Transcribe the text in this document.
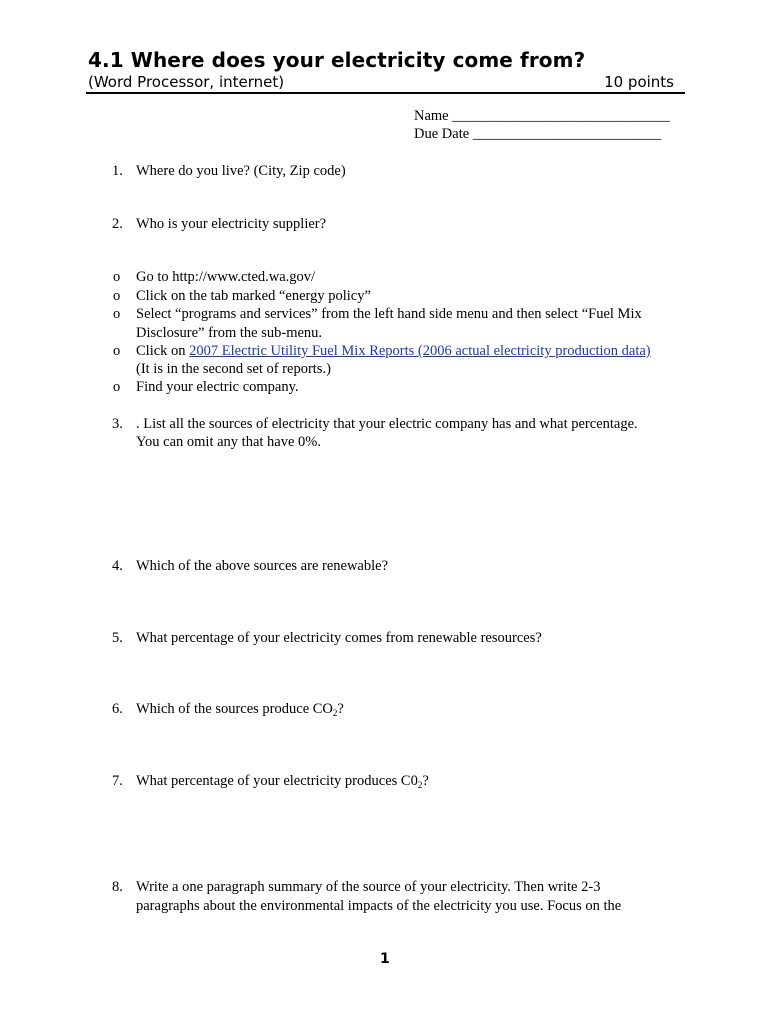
4.1 Where does your electricity come from?
(Word Processor, internet)	10 points
Name ______________________________
Due Date __________________________
1. Where do you live? (City, Zip code)
2. Who is your electricity supplier?
o Go to http://www.cted.wa.gov/
o Click on the tab marked “energy policy”
o Select “programs and services” from the left hand side menu and then select “Fuel Mix
Disclosure” from the sub-menu.
o Click on 2007 Electric Utility Fuel Mix Reports (2006 actual electricity production data)
(It is in the second set of reports.)
o Find your electric company.
3. . List all the sources of electricity that your electric company has and what percentage.
You can omit any that have 0%.
4. Which of the above sources are renewable?
5. What percentage of your electricity comes from renewable resources?
6. Which of the sources produce $CO_2$?
7. What percentage of your electricity produces $C0_2$?
8. Write a one paragraph summary of the source of your electricity. Then write 2-3
paragraphs about the environmental impacts of the electricity you use. Focus on the
1
